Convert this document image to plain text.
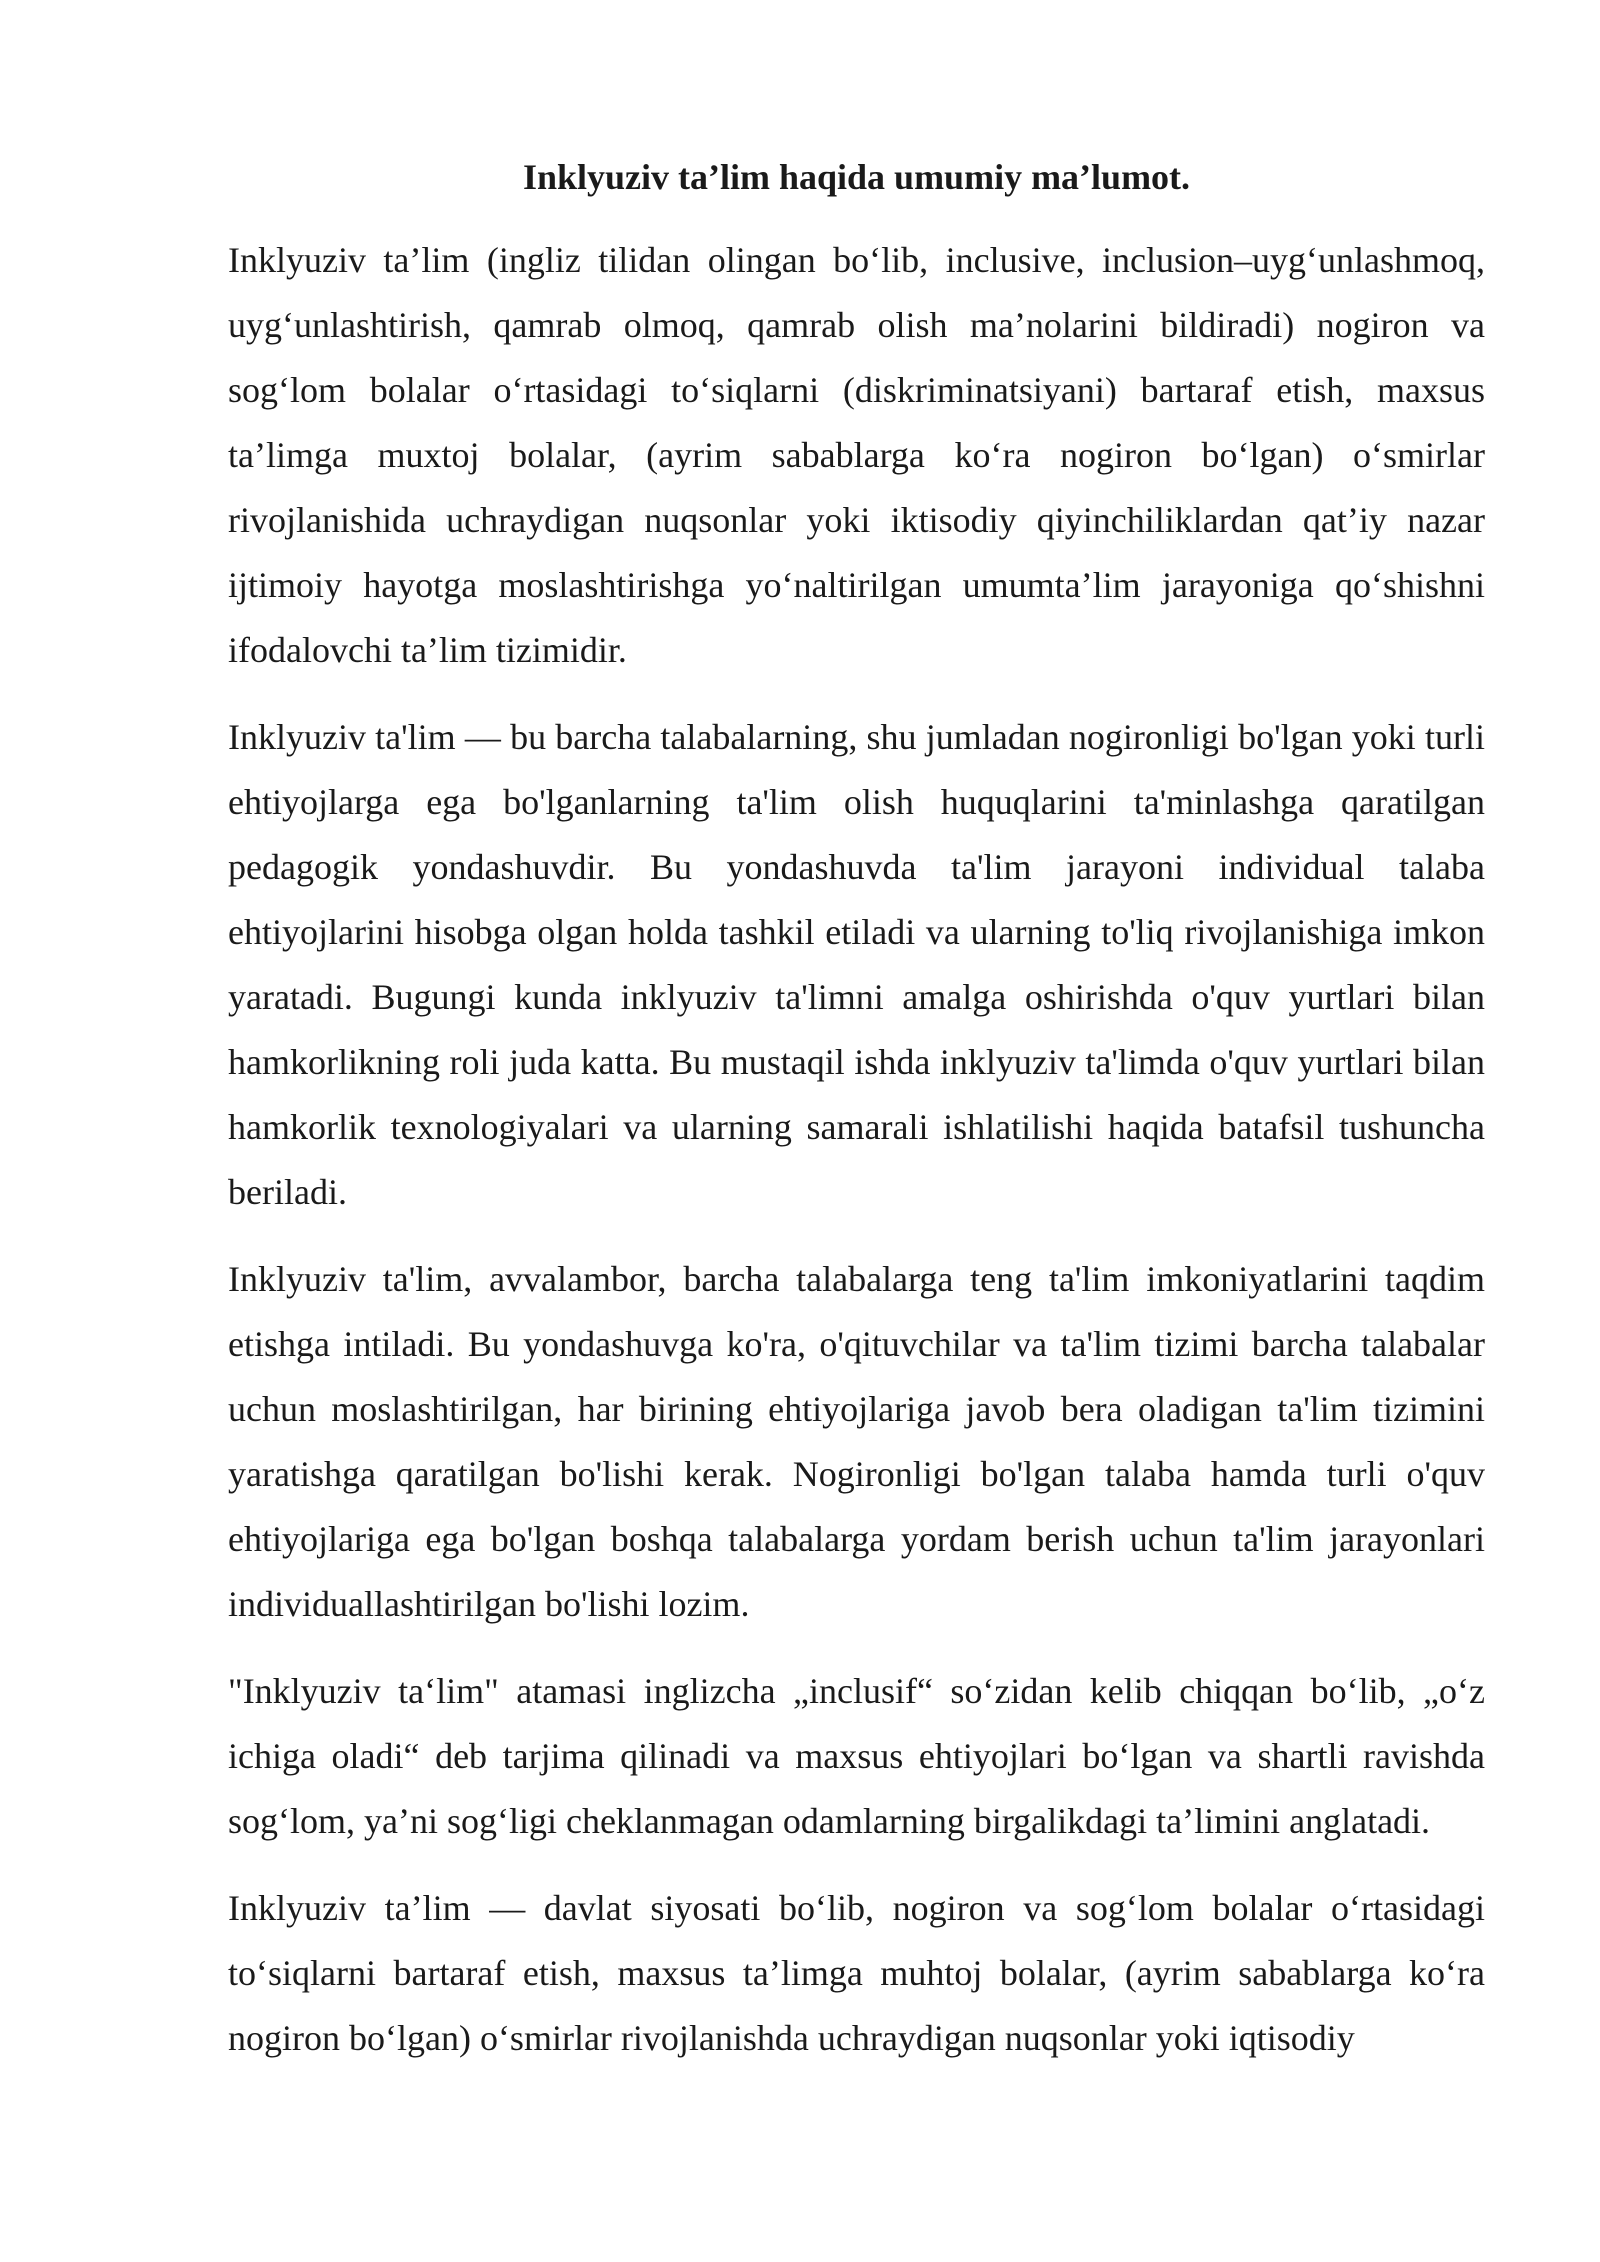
Inklyuziv ta’lim haqida umumiy ma’lumot.

Inklyuziv ta’lim (ingliz tilidan olingan bo‘lib, inclusive, inclusion–uyg‘unlashmoq, uyg‘unlashtirish, qamrab olmoq, qamrab olish ma’nolarini bildiradi) nogiron va sog‘lom bolalar o‘rtasidagi to‘siqlarni (diskriminatsiyani) bartaraf etish, maxsus ta’limga muxtoj bolalar, (ayrim sabablarga ko‘ra nogiron bo‘lgan) o‘smirlar rivojlanishida uchraydigan nuqsonlar yoki iktisodiy qiyinchiliklardan qat’iy nazar ijtimoiy hayotga moslashtirishga yo‘naltirilgan umumta’lim jarayoniga qo‘shishni ifodalovchi ta’lim tizimidir.

Inklyuziv ta'lim — bu barcha talabalarning, shu jumladan nogironligi bo'lgan yoki turli ehtiyojlarga ega bo'lganlarning ta'lim olish huquqlarini ta'minlashga qaratilgan pedagogik yondashuvdir. Bu yondashuvda ta'lim jarayoni individual talaba ehtiyojlarini hisobga olgan holda tashkil etiladi va ularning to'liq rivojlanishiga imkon yaratadi. Bugungi kunda inklyuziv ta'limni amalga oshirishda o'quv yurtlari bilan hamkorlikning roli juda katta. Bu mustaqil ishda inklyuziv ta'limda o'quv yurtlari bilan hamkorlik texnologiyalari va ularning samarali ishlatilishi haqida batafsil tushuncha beriladi.

Inklyuziv ta'lim, avvalambor, barcha talabalarga teng ta'lim imkoniyatlarini taqdim etishga intiladi. Bu yondashuvga ko'ra, o'qituvchilar va ta'lim tizimi barcha talabalar uchun moslashtirilgan, har birining ehtiyojlariga javob bera oladigan ta'lim tizimini yaratishga qaratilgan bo'lishi kerak. Nogironligi bo'lgan talaba hamda turli o'quv ehtiyojlariga ega bo'lgan boshqa talabalarga yordam berish uchun ta'lim jarayonlari individuallashtirilgan bo'lishi lozim.

"Inklyuziv ta‘lim" atamasi inglizcha „inclusif“ so‘zidan kelib chiqqan bo‘lib, „o‘z ichiga oladi“ deb tarjima qilinadi va maxsus ehtiyojlari bo‘lgan va shartli ravishda sog‘lom, ya’ni sog‘ligi cheklanmagan odamlarning birgalikdagi ta’limini anglatadi.

Inklyuziv ta’lim — davlat siyosati bo‘lib, nogiron va sog‘lom bolalar o‘rtasidagi to‘siqlarni bartaraf etish, maxsus ta’limga muhtoj bolalar, (ayrim sabablarga ko‘ra nogiron bo‘lgan) o‘smirlar rivojlanishda uchraydigan nuqsonlar yoki iqtisodiy
